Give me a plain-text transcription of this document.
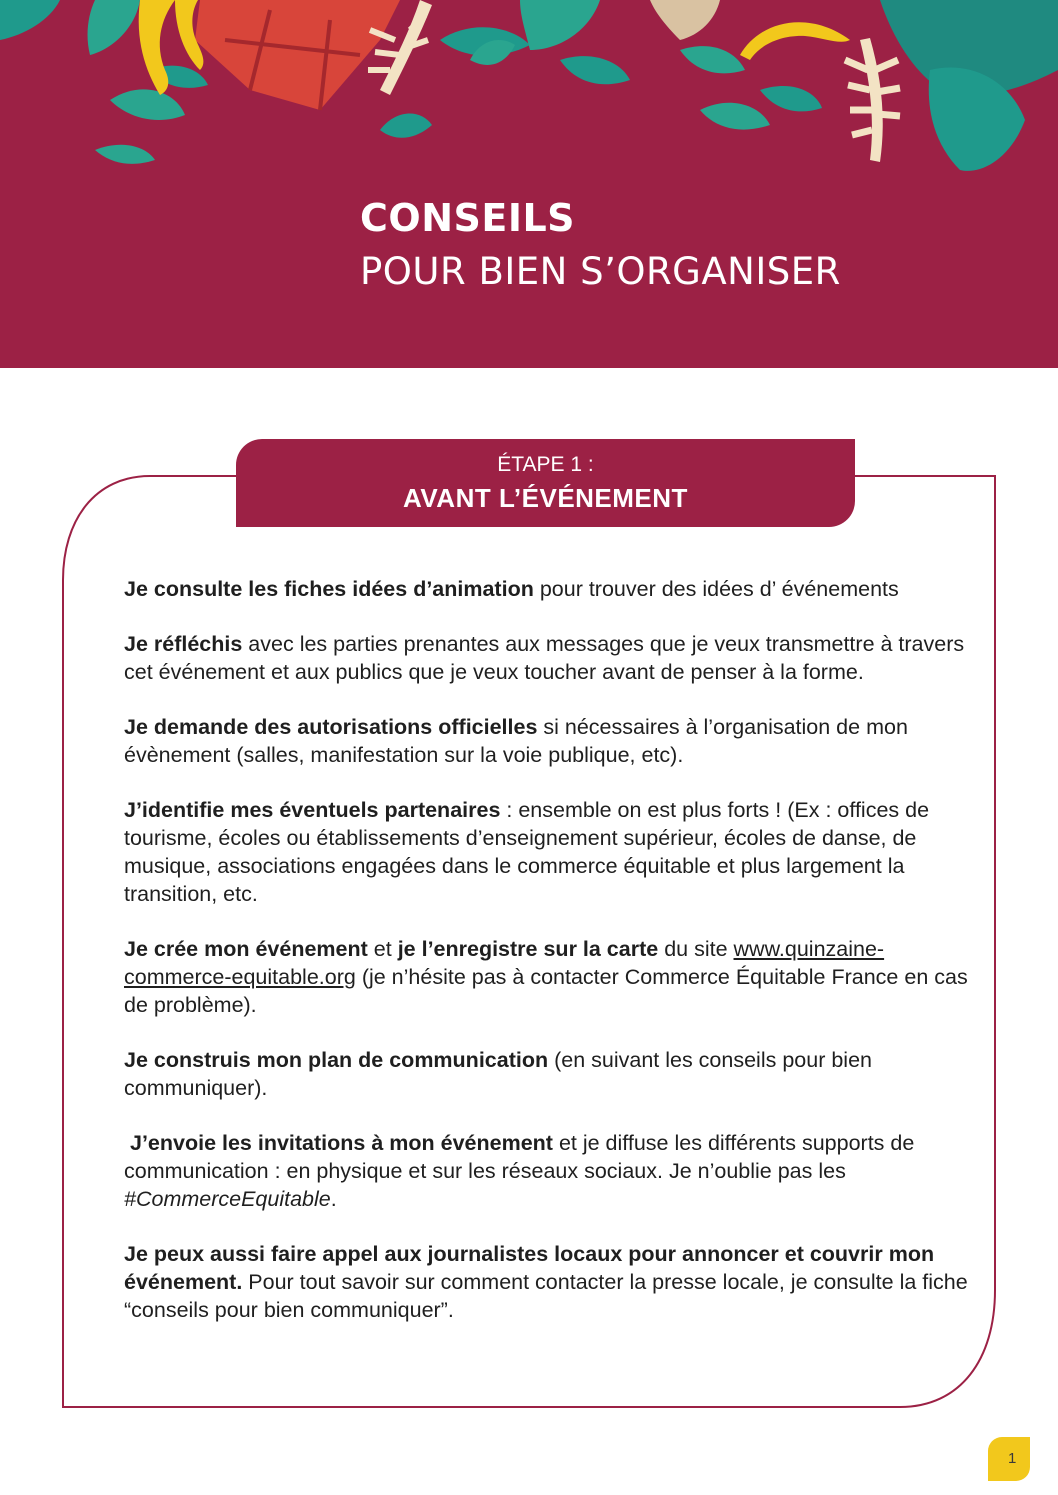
CONSEILS
POUR BIEN S’ORGANISER
ÉTAPE 1 :
AVANT L’ÉVÉNEMENT

Je consulte les fiches idées d’animation pour trouver des idées d’ événements

Je réfléchis avec les parties prenantes aux messages que je veux transmettre à travers cet événement et aux publics que je veux toucher avant de penser à la forme.

Je demande des autorisations officielles si nécessaires à l’organisation de mon évènement (salles, manifestation sur la voie publique, etc).

J’identifie mes éventuels partenaires : ensemble on est plus forts ! (Ex : offices de tourisme, écoles ou établissements d’enseignement supérieur, écoles de danse, de musique, associations engagées dans le commerce équitable et plus largement la transition, etc.

Je crée mon événement et je l’enregistre sur la carte du site www.quinzaine-commerce-equitable.org (je n’hésite pas à contacter Commerce Équitable France en cas de problème).

Je construis mon plan de communication (en suivant les conseils pour bien communiquer).

J’envoie les invitations à mon événement et je diffuse les différents supports de communication : en physique et sur les réseaux sociaux. Je n’oublie pas les #CommerceEquitable.

Je peux aussi faire appel aux journalistes locaux pour annoncer et couvrir mon événement. Pour tout savoir sur comment contacter la presse locale, je consulte la fiche “conseils pour bien communiquer”.

1
